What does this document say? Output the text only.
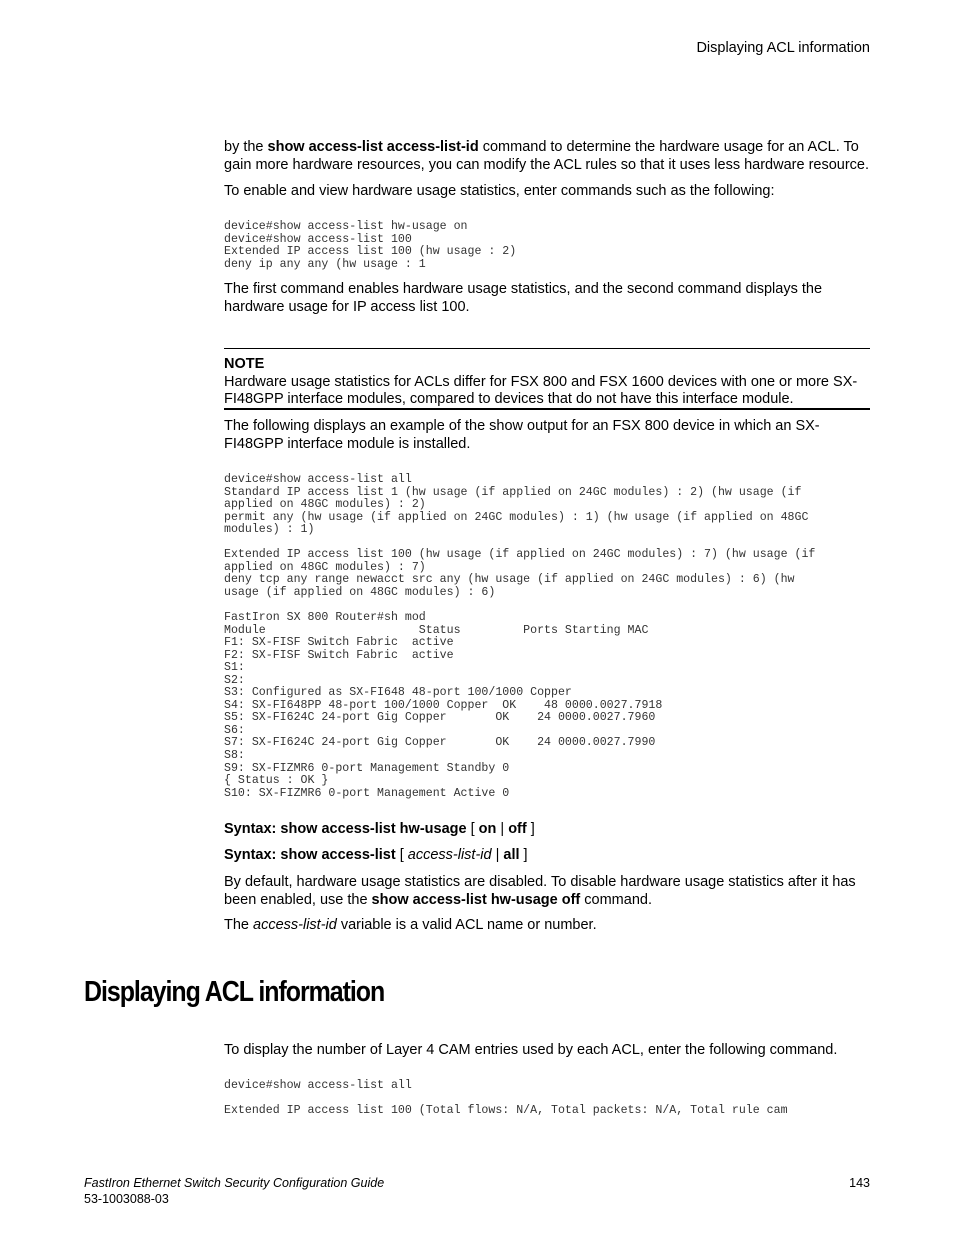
Displaying ACL information

by the show access-list access-list-id command to determine the hardware usage for an ACL. To gain more hardware resources, you can modify the ACL rules so that it uses less hardware resource.

To enable and view hardware usage statistics, enter commands such as the following:
device#show access-list hw-usage on
device#show access-list 100
Extended IP access list 100 (hw usage : 2)
deny ip any any (hw usage : 1
The first command enables hardware usage statistics, and the second command displays the hardware usage for IP access list 100.

NOTE

Hardware usage statistics for ACLs differ for FSX 800 and FSX 1600 devices with one or more SX-FI48GPP interface modules, compared to devices that do not have this interface module.

The following displays an example of the show output for an FSX 800 device in which an SX-FI48GPP interface module is installed.
device#show access-list all
Standard IP access list 1 (hw usage (if applied on 24GC modules) : 2) (hw usage (if
applied on 48GC modules) : 2)
permit any (hw usage (if applied on 24GC modules) : 1) (hw usage (if applied on 48GC
modules) : 1)

Extended IP access list 100 (hw usage (if applied on 24GC modules) : 7) (hw usage (if
applied on 48GC modules) : 7)
deny tcp any range newacct src any (hw usage (if applied on 24GC modules) : 6) (hw
usage (if applied on 48GC modules) : 6)

FastIron SX 800 Router#sh mod
Module                      Status         Ports Starting MAC
F1: SX-FISF Switch Fabric  active
F2: SX-FISF Switch Fabric  active
S1:
S2:
S3: Configured as SX-FI648 48-port 100/1000 Copper
S4: SX-FI648PP 48-port 100/1000 Copper  OK    48 0000.0027.7918
S5: SX-FI624C 24-port Gig Copper       OK    24 0000.0027.7960
S6:
S7: SX-FI624C 24-port Gig Copper       OK    24 0000.0027.7990
S8:
S9: SX-FIZMR6 0-port Management Standby 0
{ Status : OK }
S10: SX-FIZMR6 0-port Management Active 0

Syntax: show access-list hw-usage [ on | off ]

Syntax: show access-list [ access-list-id | all ]

By default, hardware usage statistics are disabled. To disable hardware usage statistics after it has been enabled, use the show access-list hw-usage off command.

The access-list-id variable is a valid ACL name or number.

Displaying ACL information
To display the number of Layer 4 CAM entries used by each ACL, enter the following command.
device#show access-list all

Extended IP access list 100 (Total flows: N/A, Total packets: N/A, Total rule cam
FastIron Ethernet Switch Security Configuration Guide
53-1003088-03
143
